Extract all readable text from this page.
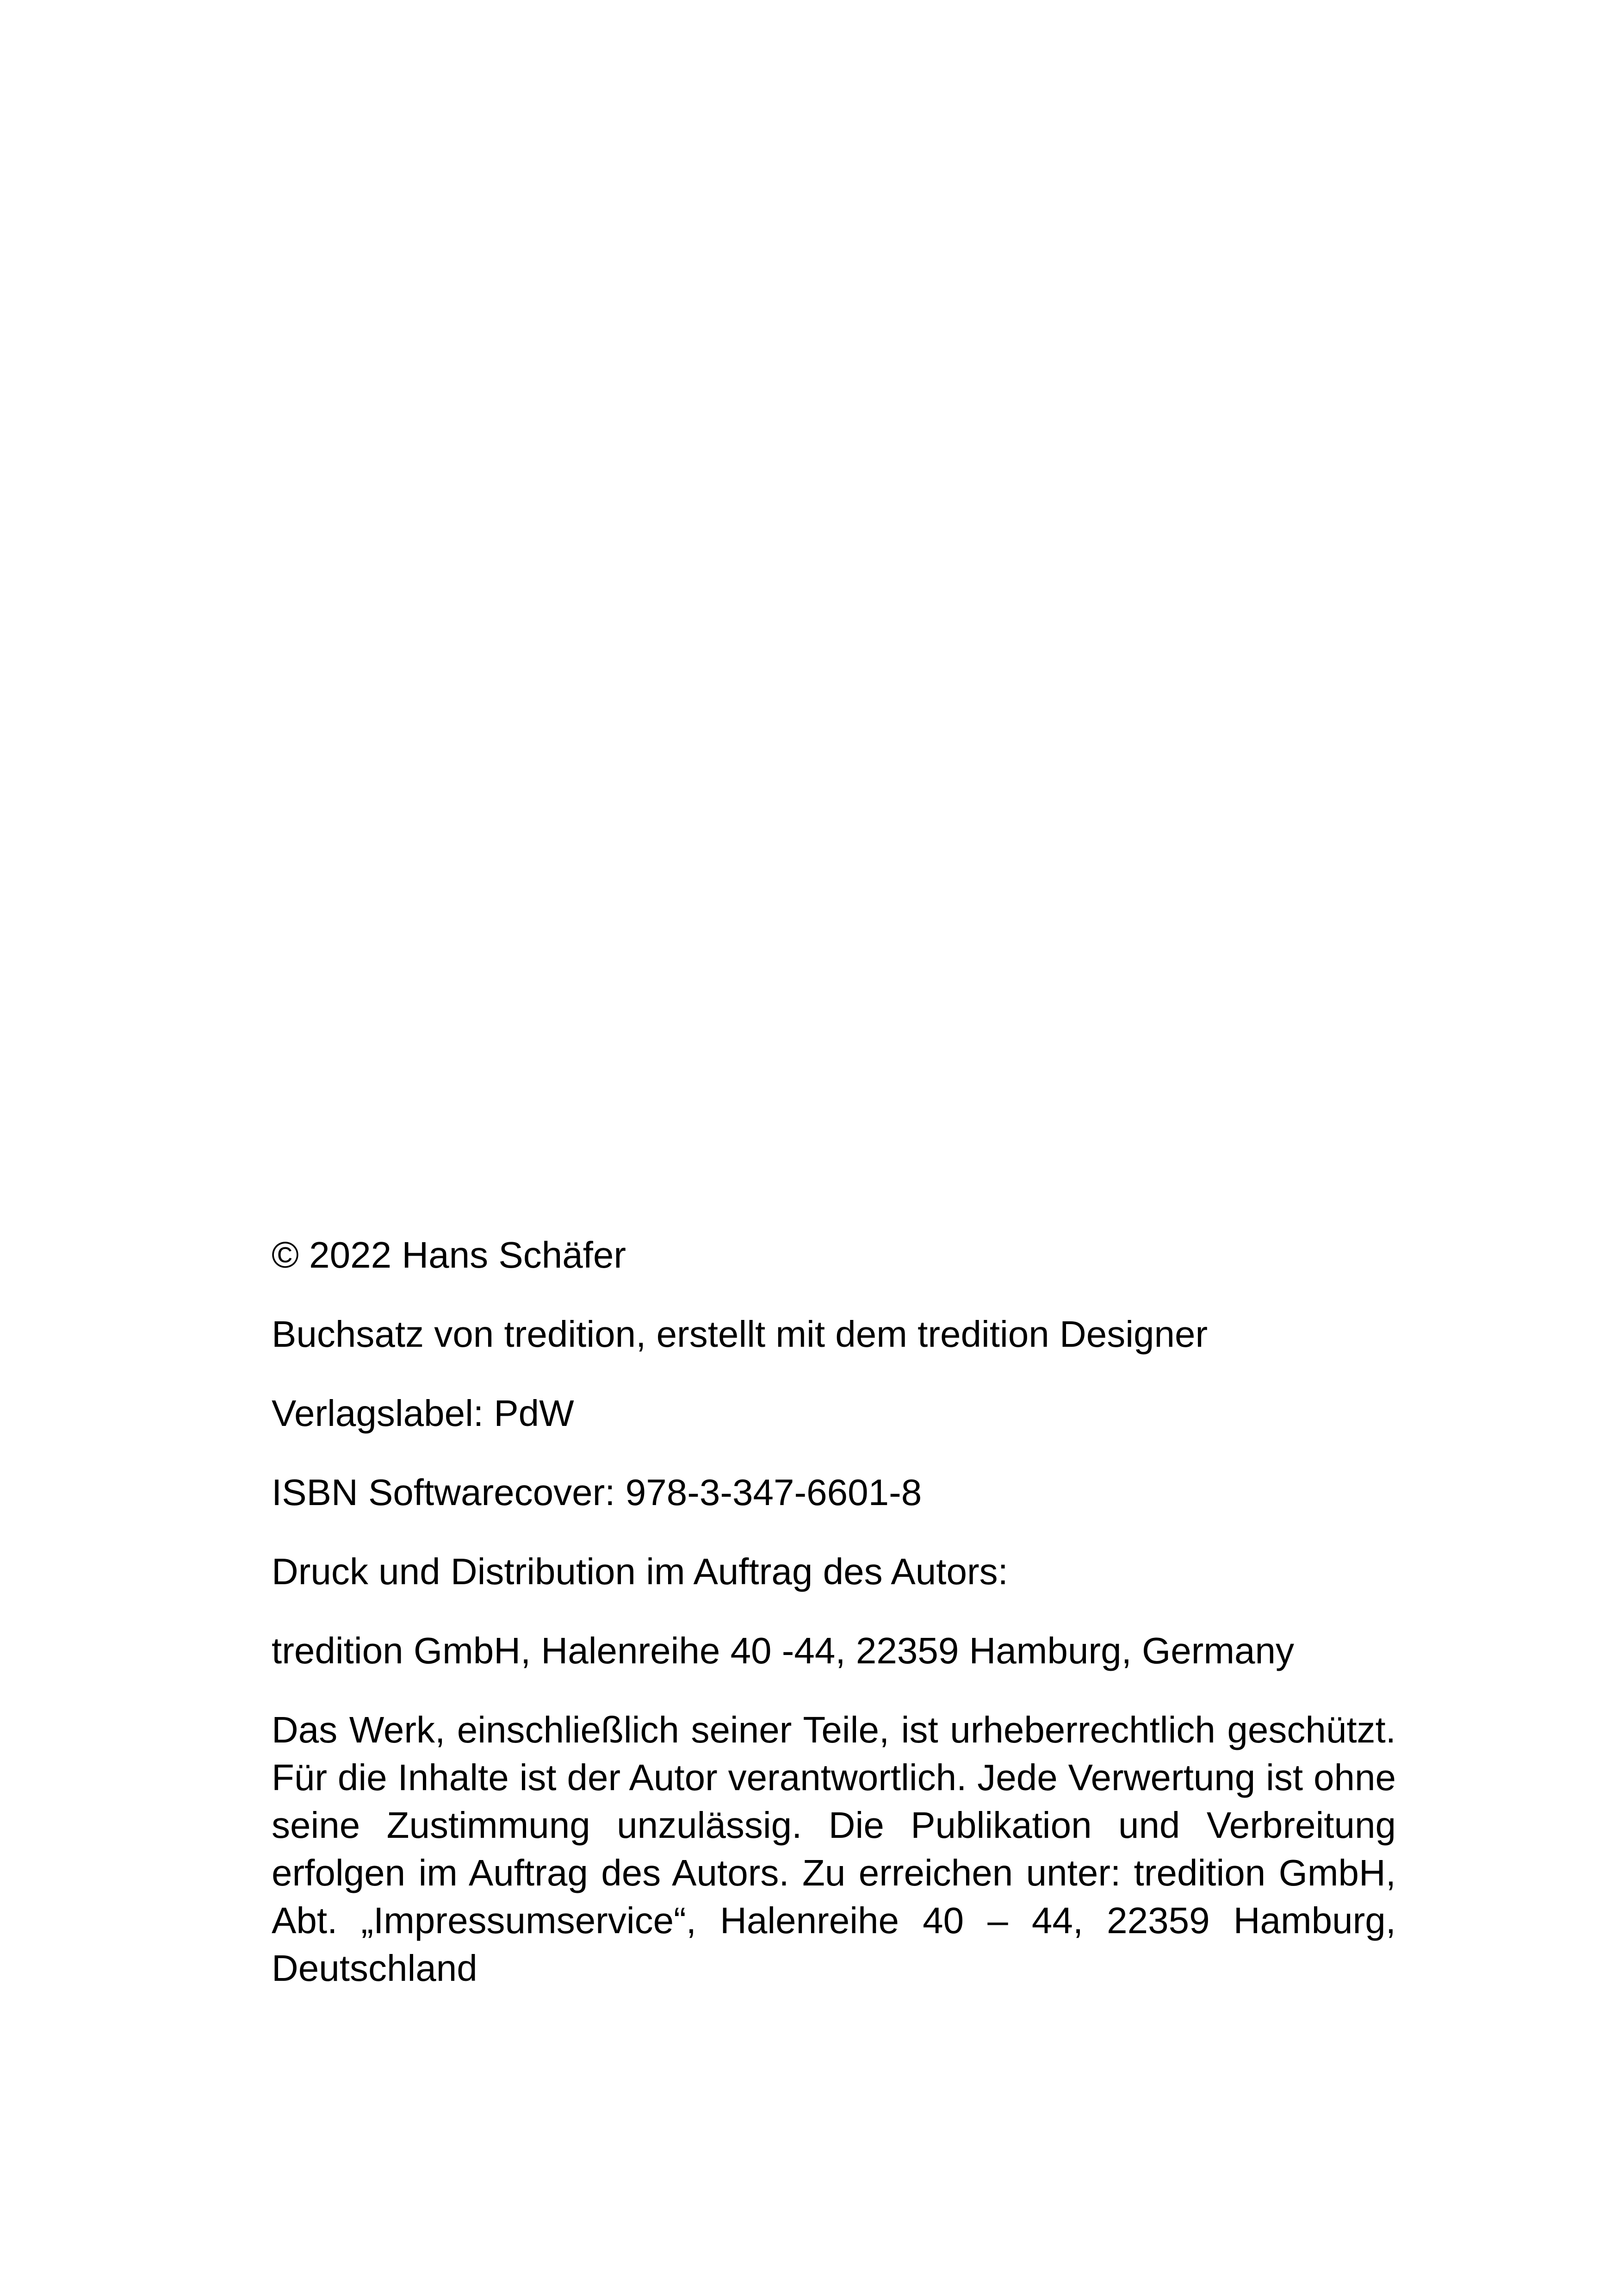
© 2022 Hans Schäfer

Buchsatz von tredition, erstellt mit dem tredition Designer

Verlagslabel: PdW

ISBN Softwarecover: 978-3-347-6601-8

Druck und Distribution im Auftrag des Autors:

tredition GmbH, Halenreihe 40 -44, 22359 Hamburg, Germany

Das Werk, einschließlich seiner Teile, ist urheberrechtlich geschützt. Für die Inhalte ist der Autor verantwortlich. Jede Verwertung ist ohne seine Zustimmung unzulässig. Die Publikation und Verbreitung erfolgen im Auftrag des Autors. Zu erreichen unter: tredition GmbH, Abt. „Impressumservice“, Halenreihe 40 – 44, 22359 Hamburg, Deutschland
